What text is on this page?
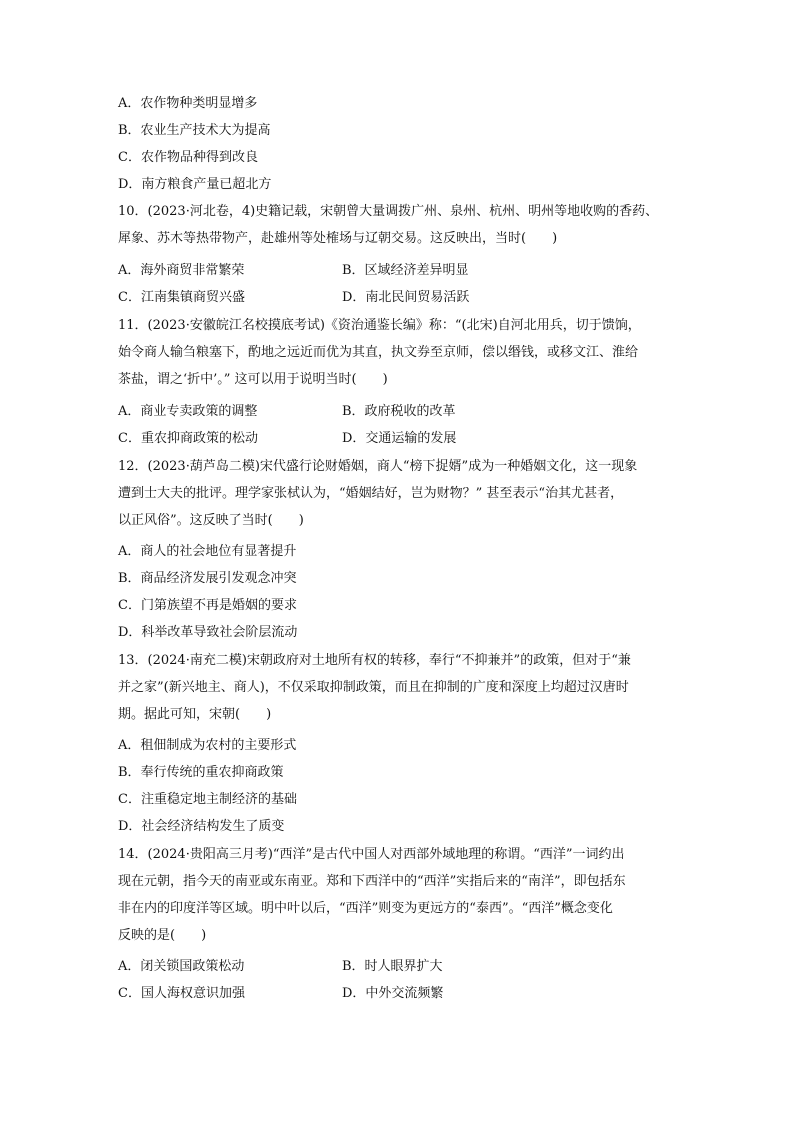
A．农作物种类明显增多
B．农业生产技术大为提高
C．农作物品种得到改良
D．南方粮食产量已超北方

10．(2023·河北卷，4)史籍记载，宋朝曾大量调拨广州、泉州、杭州、明州等地收购的香药、

犀象、苏木等热带物产，赴雄州等处榷场与辽朝交易。这反映出，当时(　　)

A．海外商贸非常繁荣	B．区域经济差异明显
C．江南集镇商贸兴盛	D．南北民间贸易活跃

11．(2023·安徽皖江名校摸底考试)《资治通鉴长编》称：“(北宋)自河北用兵，切于馈饷，

始令商人输刍粮塞下，酌地之远近而优为其直，执文券至京师，偿以缗钱，或移文江、淮给

茶盐，谓之‘折中’。” 这可以用于说明当时(　　)

A．商业专卖政策的调整	B．政府税收的改革
C．重农抑商政策的松动	D．交通运输的发展

12．(2023·葫芦岛二模)宋代盛行论财婚姻，商人“榜下捉婿”成为一种婚姻文化，这一现象

遭到士大夫的批评。理学家张栻认为，“婚姻结好，岂为财物？” 甚至表示“治其尤甚者，

以正风俗”。这反映了当时(　　)

A．商人的社会地位有显著提升
B．商品经济发展引发观念冲突
C．门第族望不再是婚姻的要求
D．科举改革导致社会阶层流动

13．(2024·南充二模)宋朝政府对土地所有权的转移，奉行“不抑兼并”的政策，但对于“兼

并之家”(新兴地主、商人)，不仅采取抑制政策，而且在抑制的广度和深度上均超过汉唐时

期。据此可知，宋朝(　　)

A．租佃制成为农村的主要形式
B．奉行传统的重农抑商政策
C．注重稳定地主制经济的基础
D．社会经济结构发生了质变

14．(2024·贵阳高三月考)“西洋”是古代中国人对西部外域地理的称谓。“西洋”一词约出

现在元朝，指今天的南亚或东南亚。郑和下西洋中的“西洋”实指后来的“南洋”，即包括东

非在内的印度洋等区域。明中叶以后，“西洋”则变为更远方的“泰西”。“西洋”概念变化

反映的是(　　)

A．闭关锁国政策松动	B．时人眼界扩大
C．国人海权意识加强	D．中外交流频繁
